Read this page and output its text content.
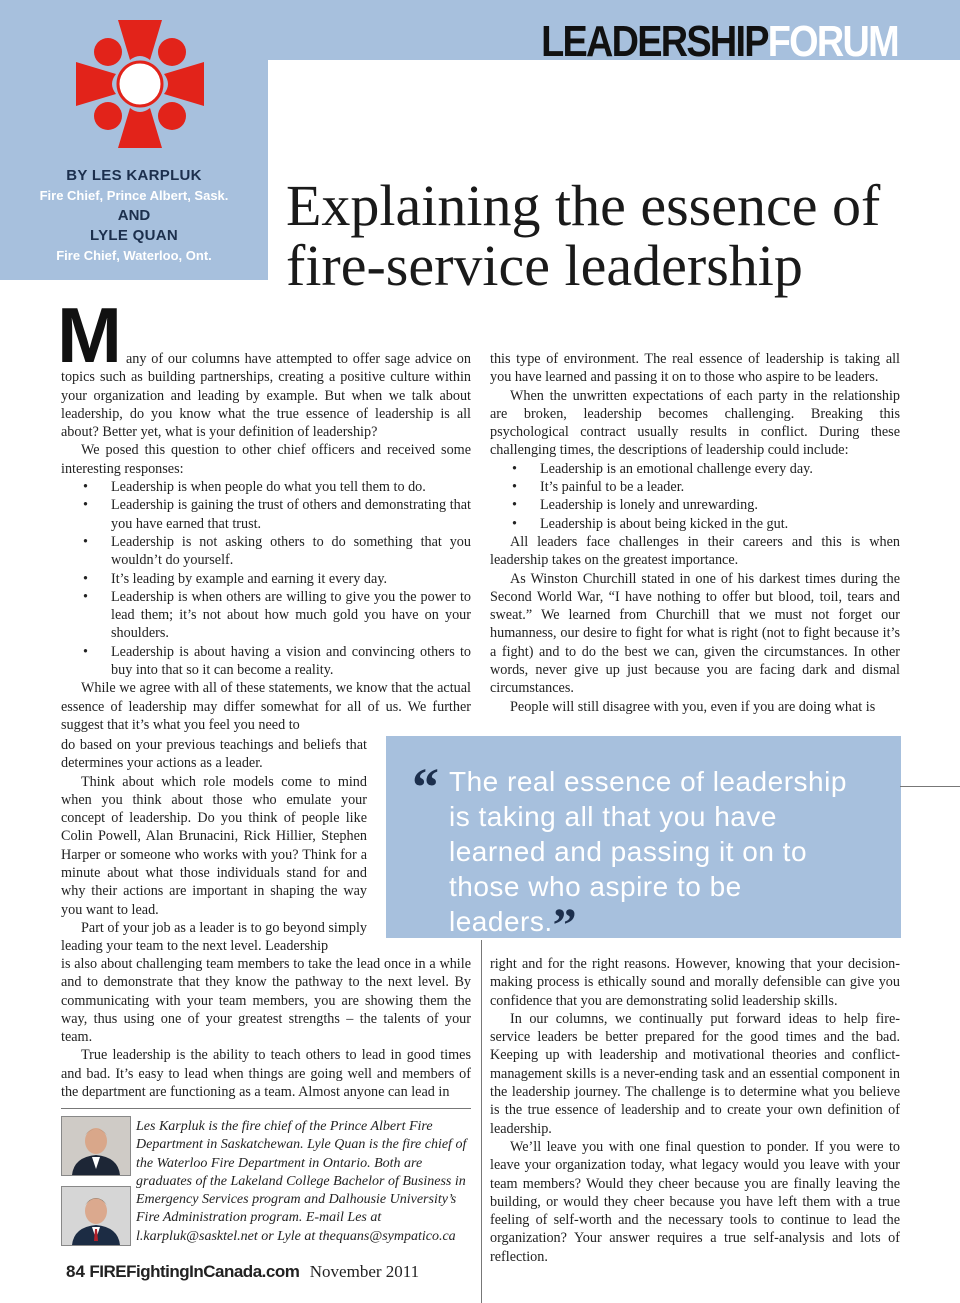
BY LES KARPLUK
Fire Chief, Prince Albert, Sask.
AND
LYLE QUAN
Fire Chief, Waterloo, Ont.
LEADERSHIPFORUM
Explaining the essence of fire-service leadership
M any of our columns have attempted to offer sage advice on topics such as building partnerships, creating a positive culture within your organization and leading by example. But when we talk about leadership, do you know what the true essence of leadership is all about? Better yet, what is your definition of leadership?

We posed this question to other chief officers and received some interesting responses:

• Leadership is when people do what you tell them to do.
• Leadership is gaining the trust of others and demonstrating that you have earned that trust.
• Leadership is not asking others to do something that you wouldn’t do yourself.
• It’s leading by example and earning it every day.
• Leadership is when others are willing to give you the power to lead them; it’s not about how much gold you have on your shoulders.
• Leadership is about having a vision and convincing others to buy into that so it can become a reality.

While we agree with all of these statements, we know that the actual essence of leadership may differ somewhat for all of us. We further suggest that it’s what you feel you need to

do based on your previous teachings and beliefs that determines your actions as a leader.

Think about which role models come to mind when you think about those who emulate your concept of leadership. Do you think of people like Colin Powell, Alan Brunacini, Rick Hillier, Stephen Harper or someone who works with you? Think for a minute about what those individuals stand for and why their actions are important in shaping the way you want to lead.

Part of your job as a leader is to go beyond simply leading your team to the next level. Leadership

is also about challenging team members to take the lead once in a while and to demonstrate that they know the pathway to the next level. By communicating with your team members, you are showing them the way, thus using one of your greatest strengths – the talents of your team.

True leadership is the ability to teach others to lead in good times and bad. It’s easy to lead when things are going well and members of the department are functioning as a team. Almost anyone can lead in

this type of environment. The real essence of leadership is taking all you have learned and passing it on to those who aspire to be leaders.

When the unwritten expectations of each party in the relationship are broken, leadership becomes challenging. Breaking this psychological contract usually results in conflict. During these challenging times, the descriptions of leadership could include:

• Leadership is an emotional challenge every day.
• It’s painful to be a leader.
• Leadership is lonely and unrewarding.
• Leadership is about being kicked in the gut.

All leaders face challenges in their careers and this is when leadership takes on the greatest importance.

As Winston Churchill stated in one of his darkest times during the Second World War, “I have nothing to offer but blood, toil, tears and sweat.” We learned from Churchill that we must not forget our humanness, our desire to fight for what is right (not to fight because it’s a fight) and to do the best we can, given the circumstances. In other words, never give up just because you are facing dark and dismal circumstances.

People will still disagree with you, even if you are doing what is

“ The real essence of leadership is taking all that you have learned and passing it on to those who aspire to be leaders.”

right and for the right reasons. However, knowing that your decision-making process is ethically sound and morally defensible can give you confidence that you are demonstrating solid leadership skills.

In our columns, we continually put forward ideas to help fire-service leaders be better prepared for the good times and the bad. Keeping up with leadership and motivational theories and conflict-management skills is a never-ending task and an essential component in the leadership journey. The challenge is to determine what you believe is the true essence of leadership and to create your own definition of leadership.

We’ll leave you with one final question to ponder. If you were to leave your organization today, what legacy would you leave with your team members? Would they cheer because you are finally leaving the building, or would they cheer because you have left them with a true feeling of self-worth and the necessary tools to continue to lead the organization? Your answer requires a true self-analysis and lots of reflection.

Les Karpluk is the fire chief of the Prince Albert Fire Department in Saskatchewan. Lyle Quan is the fire chief of the Waterloo Fire Department in Ontario. Both are graduates of the Lakeland College Bachelor of Business in Emergency Services program and Dalhousie University’s Fire Administration program. E-mail Les at l.karpluk@sasktel.net or Lyle at thequans@sympatico.ca
84 FIREFightingInCanada.com November 2011
